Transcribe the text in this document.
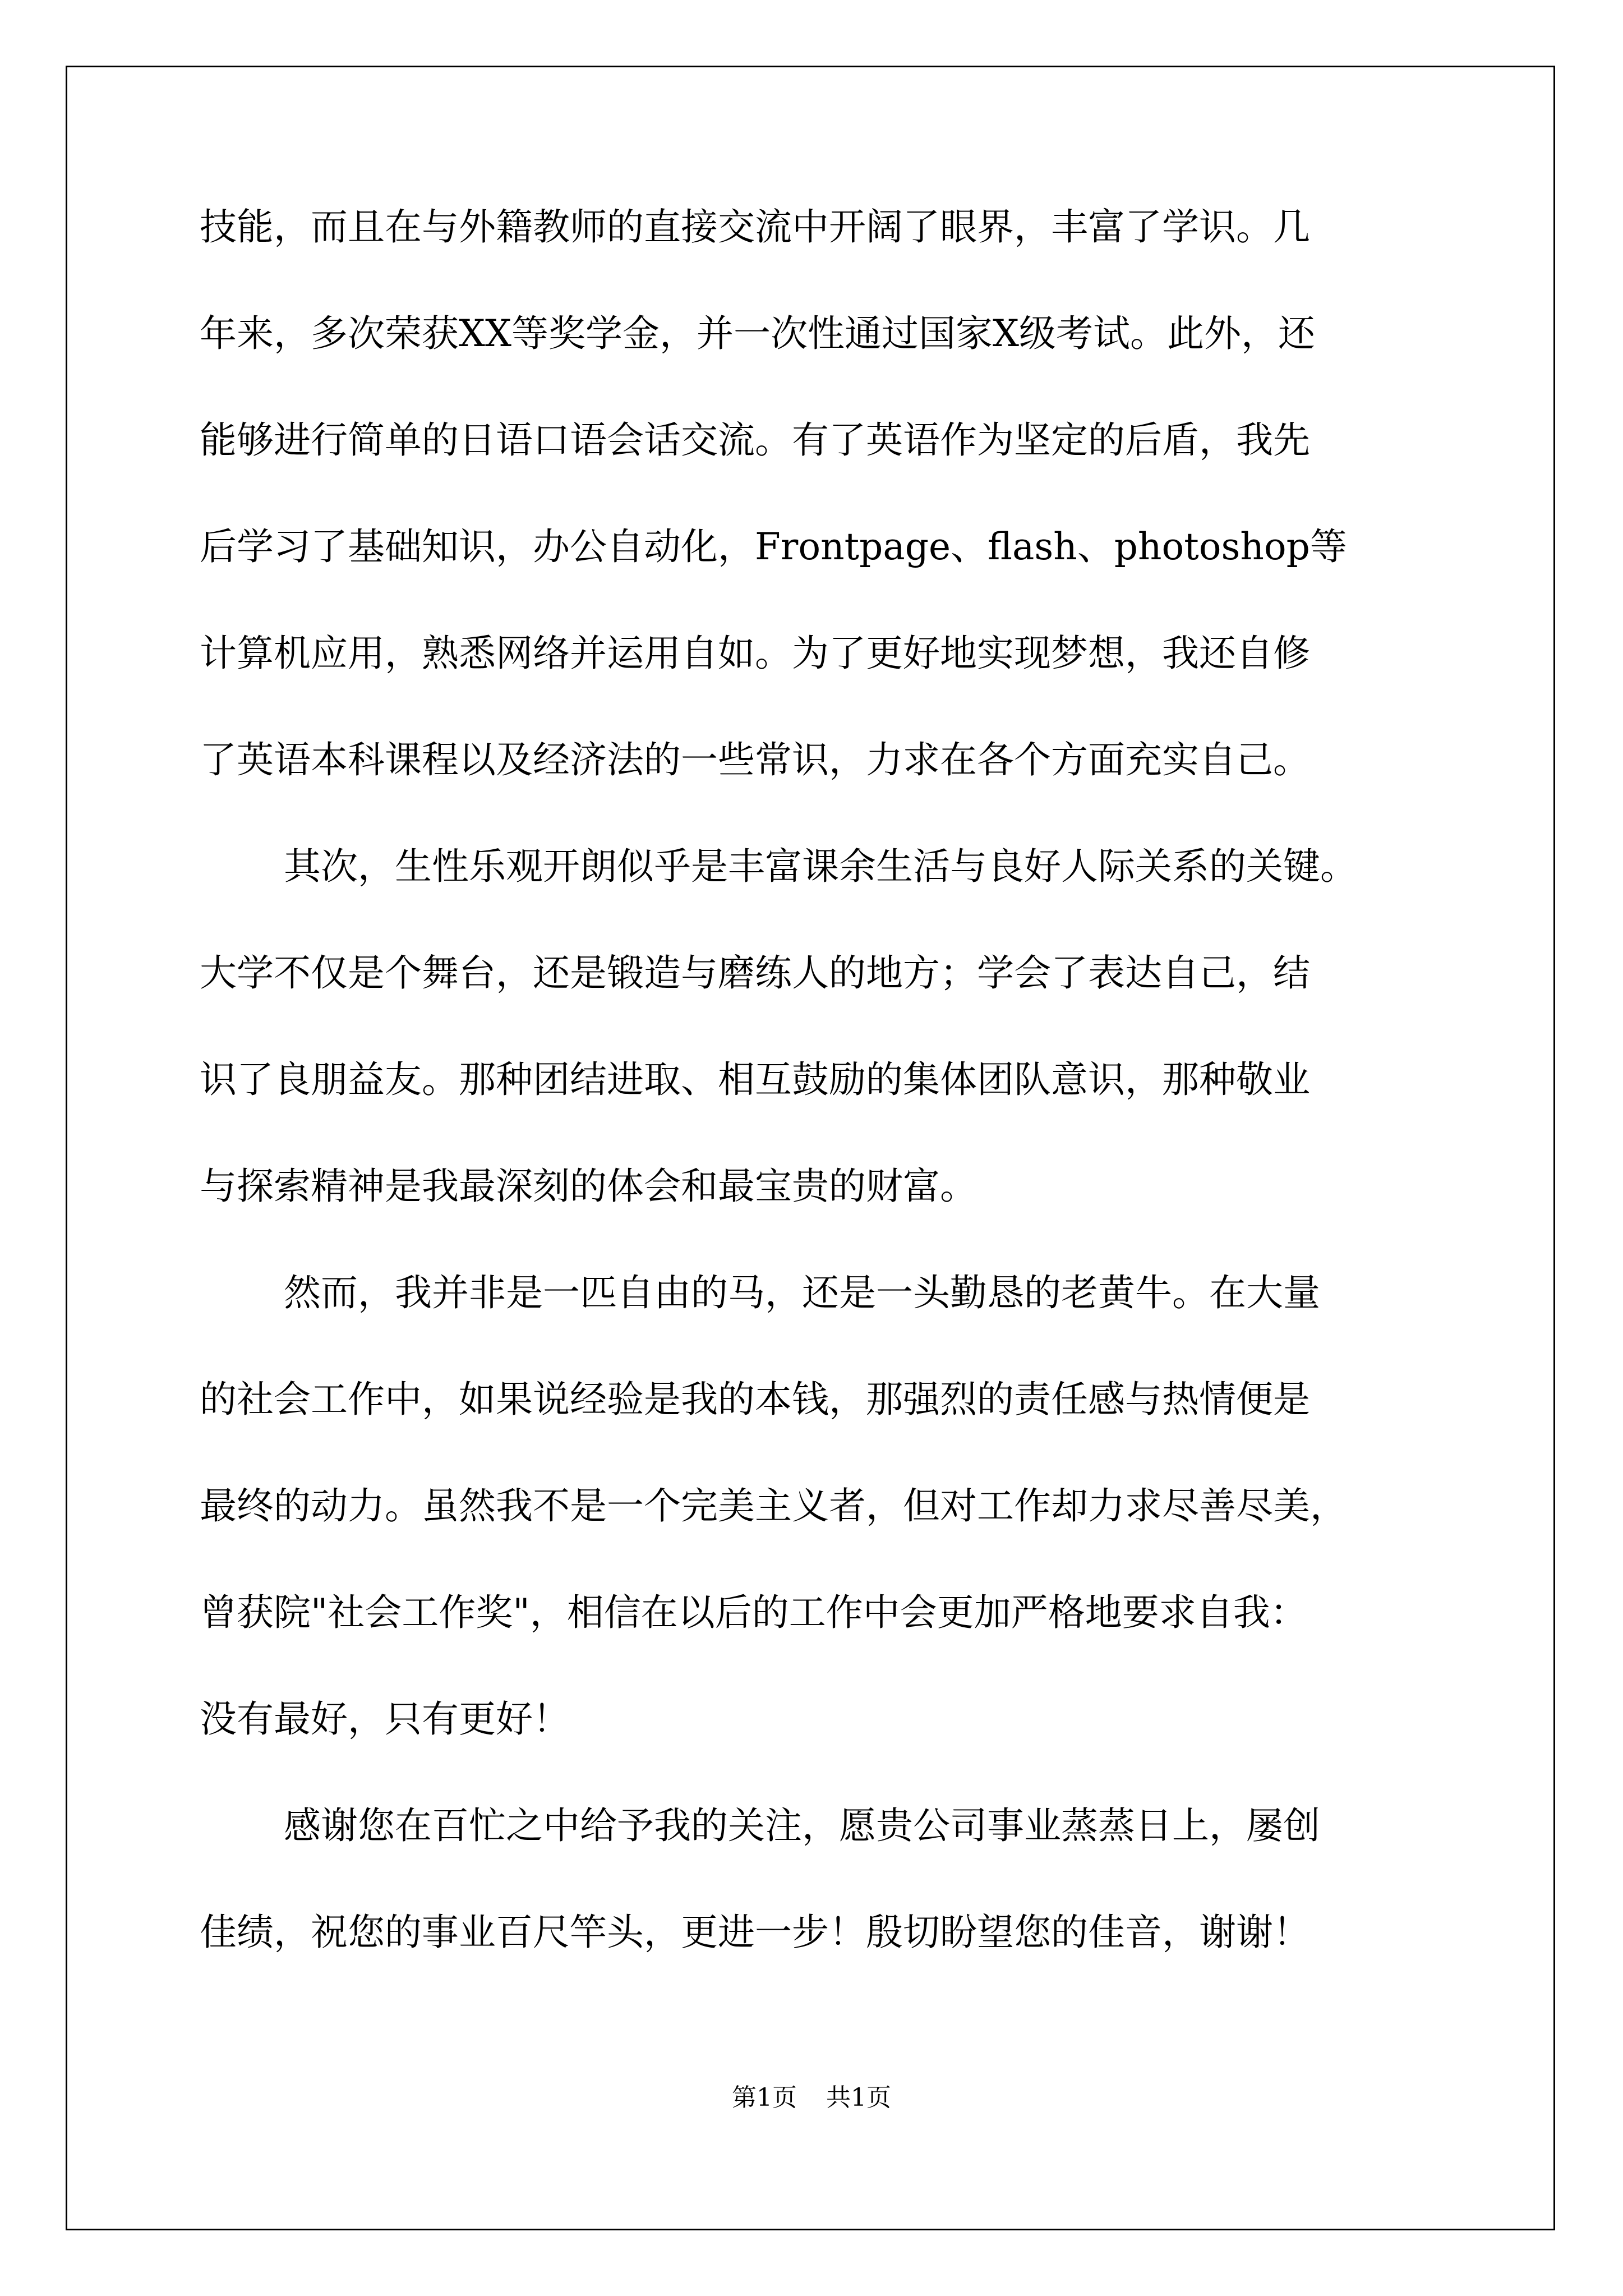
技能，而且在与外籍教师的直接交流中开阔了眼界，丰富了学识。几
年来，多次荣获XX等奖学金，并一次性通过国家X级考试。此外，还
能够进行简单的日语口语会话交流。有了英语作为坚定的后盾，我先
后学习了基础知识，办公自动化，Frontpage、flash、photoshop等
计算机应用，熟悉网络并运用自如。为了更好地实现梦想，我还自修
了英语本科课程以及经济法的一些常识，力求在各个方面充实自己。
其次，生性乐观开朗似乎是丰富课余生活与良好人际关系的关键。
大学不仅是个舞台，还是锻造与磨练人的地方；学会了表达自己，结
识了良朋益友。那种团结进取、相互鼓励的集体团队意识，那种敬业
与探索精神是我最深刻的体会和最宝贵的财富。
然而，我并非是一匹自由的马，还是一头勤恳的老黄牛。在大量
的社会工作中，如果说经验是我的本钱，那强烈的责任感与热情便是
最终的动力。虽然我不是一个完美主义者，但对工作却力求尽善尽美，
曾获院"社会工作奖"，相信在以后的工作中会更加严格地要求自我：
没有最好，只有更好！
感谢您在百忙之中给予我的关注，愿贵公司事业蒸蒸日上，屡创
佳绩，祝您的事业百尺竿头，更进一步！殷切盼望您的佳音，谢谢！
第1页 共1页
